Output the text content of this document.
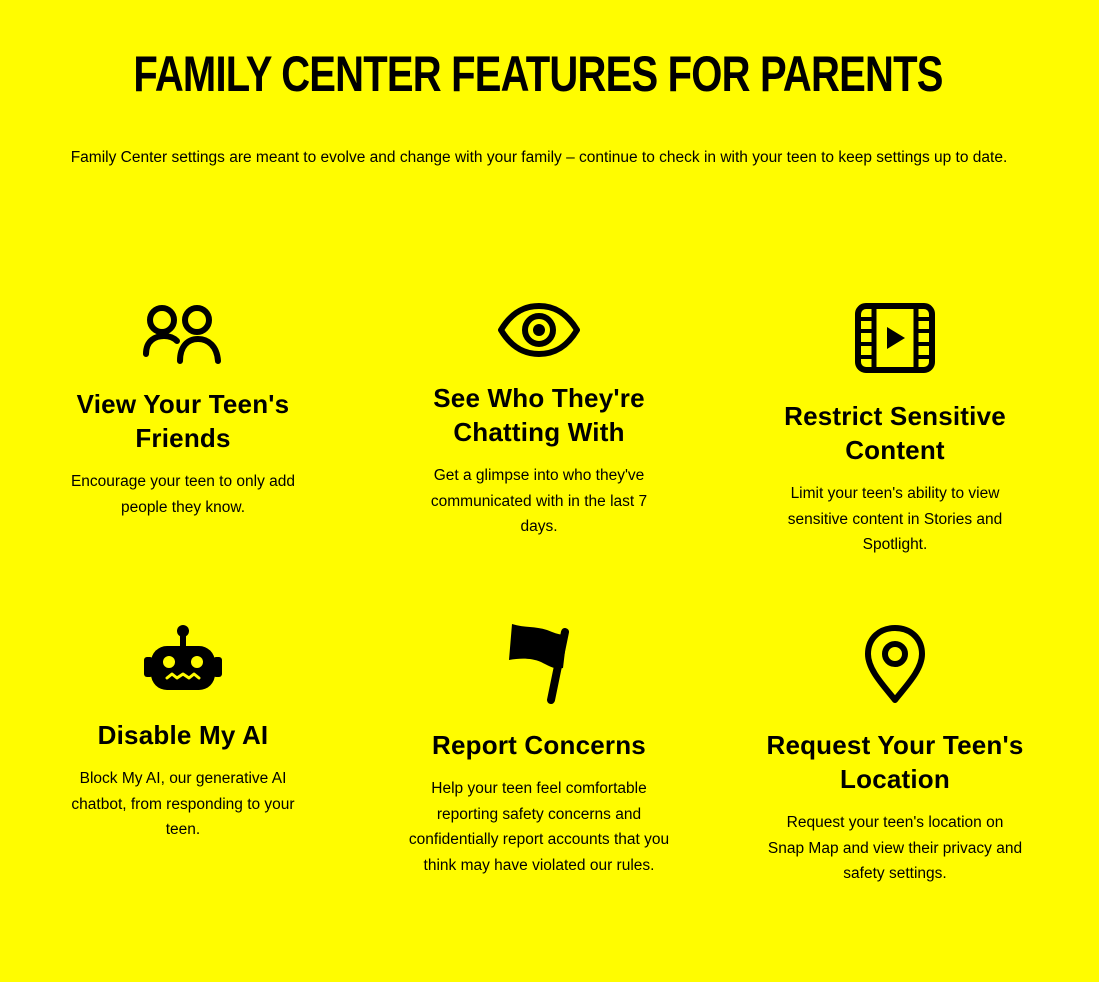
FAMILY CENTER FEATURES FOR PARENTS

Family Center settings are meant to evolve and change with your family – continue to check in with your teen to keep settings up to date.

View Your Teen's Friends

Encourage your teen to only add people they know.

See Who They're Chatting With

Get a glimpse into who they've communicated with in the last 7 days.

Restrict Sensitive Content

Limit your teen's ability to view sensitive content in Stories and Spotlight.

Disable My AI

Block My AI, our generative AI chatbot, from responding to your teen.

Report Concerns

Help your teen feel comfortable reporting safety concerns and confidentially report accounts that you think may have violated our rules.

Request Your Teen's Location

Request your teen's location on Snap Map and view their privacy and safety settings.
